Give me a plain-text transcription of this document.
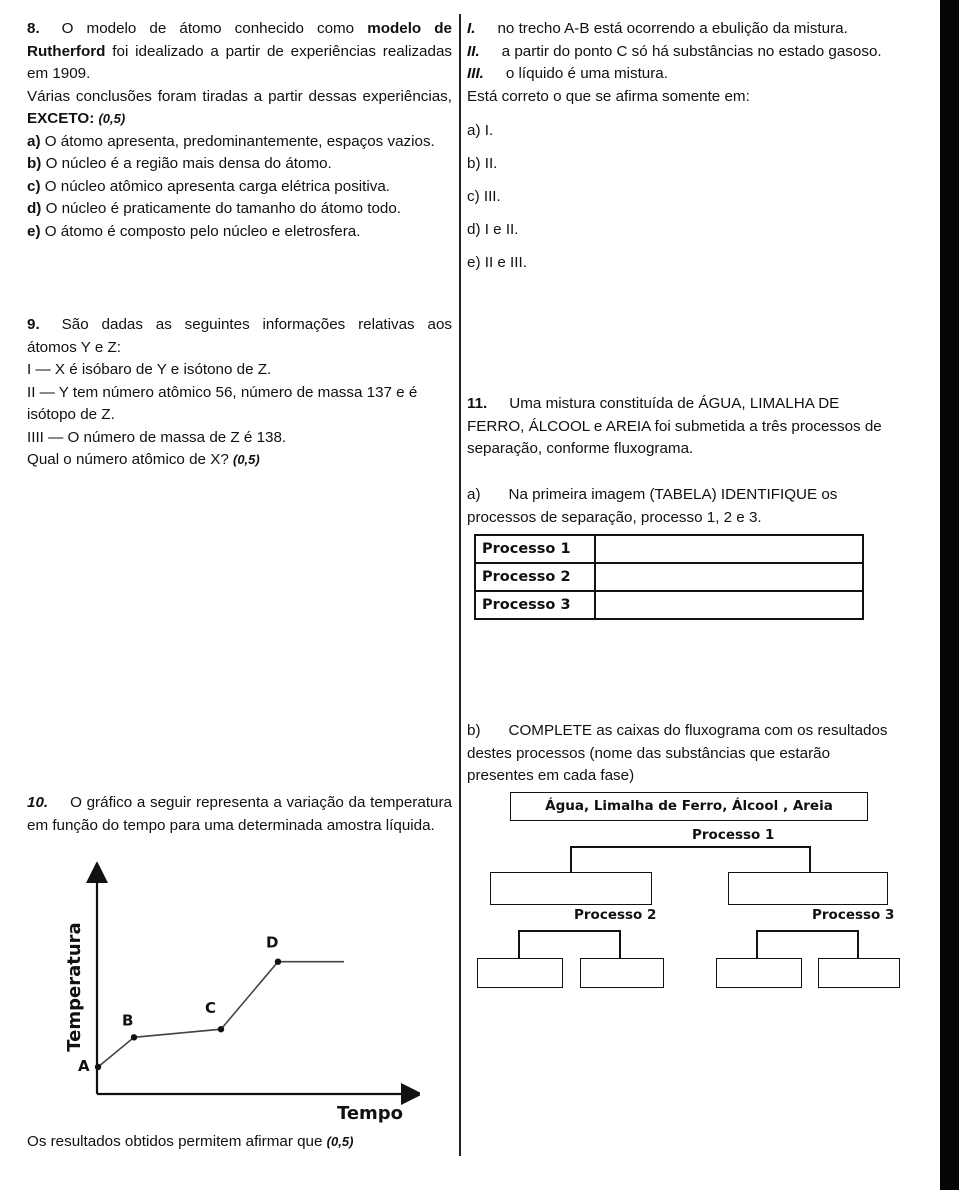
8. O modelo de átomo conhecido como modelo de Rutherford foi idealizado a partir de experiências realizadas em 1909.

Várias conclusões foram tiradas a partir dessas experiências, EXCETO: (0,5)

a) O átomo apresenta, predominantemente, espaços vazios.

b) O núcleo é a região mais densa do átomo.

c) O núcleo atômico apresenta carga elétrica positiva.

d) O núcleo é praticamente do tamanho do átomo todo.

e) O átomo é composto pelo núcleo e eletrosfera.

9. São dadas as seguintes informações relativas aos átomos Y e Z:

I — X é isóbaro de Y e isótono de Z.

II — Y tem número atômico 56, número de massa 137 e é isótopo de Z.

IIII — O número de massa de Z é 138.

Qual o número atômico de X? (0,5)

10. O gráfico a seguir representa a variação da temperatura em função do tempo para uma determinada amostra líquida.

Os resultados obtidos permitem afirmar que (0,5)

A
B
C
D
Temperatura
Tempo

I. no trecho A-B está ocorrendo a ebulição da mistura.

II. a partir do ponto C só há substâncias no estado gasoso.

III. o líquido é uma mistura.

Está correto o que se afirma somente em:

a) I.

b) II.

c) III.

d) I e II.

e) II e III.

11. Uma mistura constituída de ÁGUA, LIMALHA DE FERRO, ÁLCOOL e AREIA foi submetida a três processos de separação, conforme fluxograma.

a) Na primeira imagem (TABELA) IDENTIFIQUE os processos de separação, processo 1, 2 e 3.

b) COMPLETE as caixas do fluxograma com os resultados destes processos (nome das substâncias que estarão presentes em cada fase)

Processo 1	
Processo 2	
Processo 3	
Água, Limalha de Ferro, Álcool , Areia
Processo 1
Processo 2	Processo 3
